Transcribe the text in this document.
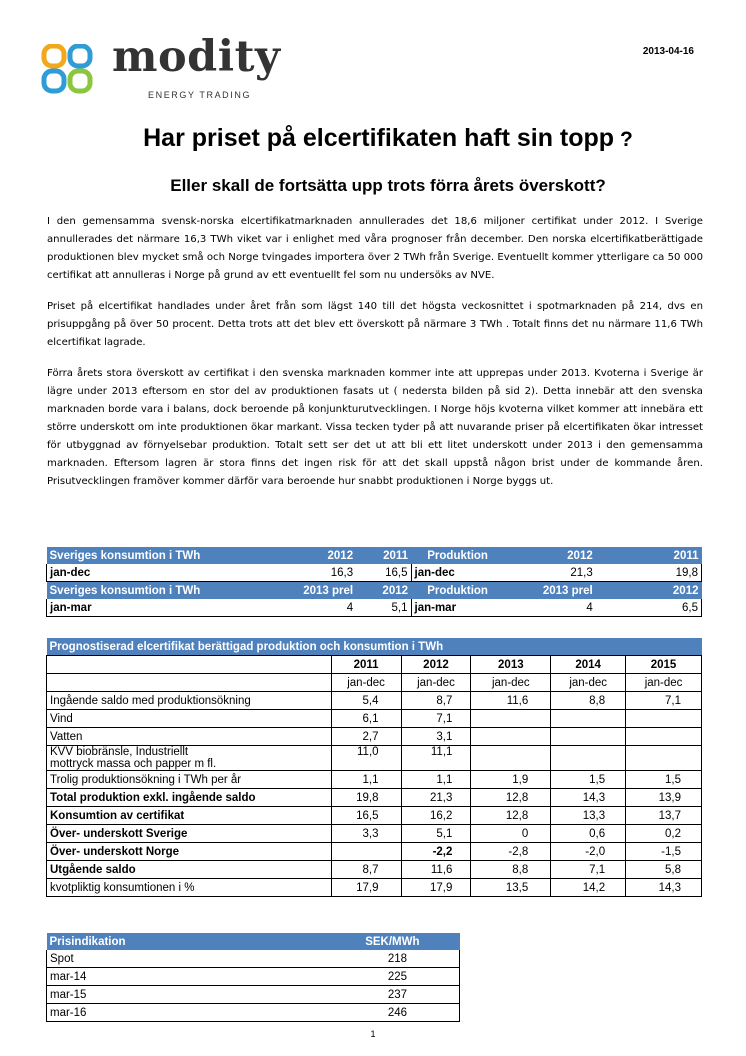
modity
ENERGY TRADING
2013-04-16
Har priset på elcertifikaten haft sin topp ?
Eller skall de fortsätta upp trots förra årets överskott?

I den gemensamma svensk-norska elcertifikatmarknaden annullerades det 18,6 miljoner certifikat under 2012. I Sverige annullerades det närmare 16,3 TWh viket var i enlighet med våra prognoser från december. Den norska elcertifikatberättigade produktionen blev mycket små och Norge tvingades importera över 2 TWh från Sverige. Eventuellt kommer ytterligare ca 50 000 certifikat att annulleras i Norge på grund av ett eventuellt fel som nu undersöks av NVE.

Priset på elcertifikat handlades under året från som lägst 140 till det högsta veckosnittet i spotmarknaden på 214, dvs en prisuppgång på över 50 procent. Detta trots att det blev ett överskott på närmare 3 TWh . Totalt finns det nu närmare 11,6 TWh elcertifikat lagrade.

Förra årets stora överskott av certifikat i den svenska marknaden kommer inte att upprepas under 2013. Kvoterna i Sverige är lägre under 2013 eftersom en stor del av produktionen fasats ut ( nedersta bilden på sid 2). Detta innebär att den svenska marknaden borde vara i balans, dock beroende på konjunkturutvecklingen. I Norge höjs kvoterna vilket kommer att innebära ett större underskott om inte produktionen ökar markant. Vissa tecken tyder på att nuvarande priser på elcertifikaten ökar intresset för utbyggnad av förnyelsebar produktion. Totalt sett ser det ut att bli ett litet underskott under 2013 i den gemensamma marknaden. Eftersom lagren är stora finns det ingen risk för att det skall uppstå någon brist under de kommande åren. Prisutvecklingen framöver kommer därför vara beroende hur snabbt produktionen i Norge byggs ut.

Sveriges konsumtion i TWh	2012	2011	Produktion	2012	2011
jan-dec	16,3	16,5	jan-dec	21,3	19,8
Sveriges konsumtion i TWh	2013 prel	2012	Produktion	2013 prel	2012
jan-mar	4	5,1	jan-mar	4	6,5
Prognostiserad elcertifikat berättigad produktion och konsumtion i TWh					
	2011	2012	2013	2014	2015
	jan-dec	jan-dec	jan-dec	jan-dec	jan-dec

Ingående saldo med produktionsökning	5,4	8,7	11,6	8,8	7,1

Vind	6,1	7,1			

Vatten	2,7	3,1			

KVV biobränsle, Industriellt
mottryck massa och papper m fl.	11,0	11,1			

Trolig produktionsökning i TWh per år	1,1	1,1	1,9	1,5	1,5

Total produktion exkl. ingående saldo	19,8	21,3	12,8	14,3	13,9

Konsumtion av certifikat	16,5	16,2	12,8	13,3	13,7

Över- underskott Sverige	3,3	5,1	0	0,6	0,2

Över- underskott Norge		-2,2	-2,8	-2,0	-1,5

Utgående saldo	8,7	11,6	8,8	7,1	5,8

kvotpliktig konsumtionen i %	17,9	17,9	13,5	14,2	14,3
Prisindikation	SEK/MWh
Spot	218
mar-14	225
mar-15	237
mar-16	246
1
